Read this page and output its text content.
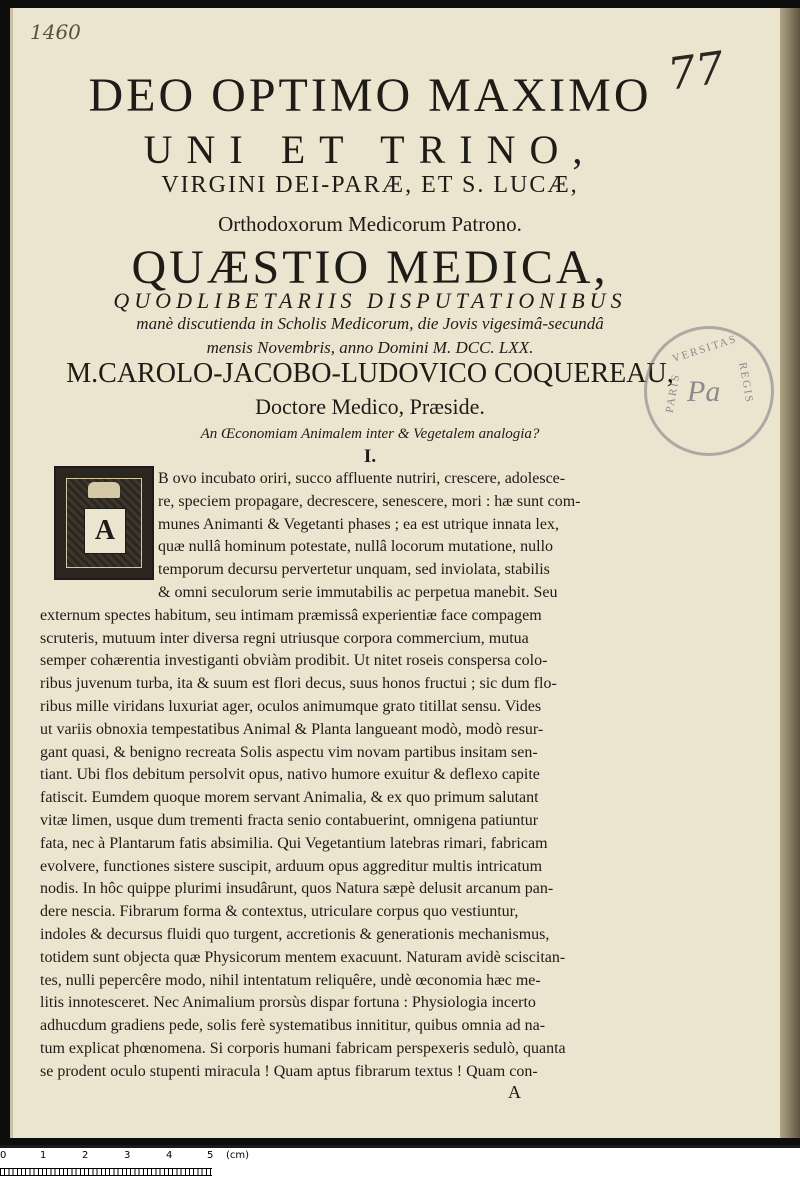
1460
77
DEO OPTIMO MAXIMO
UNI ET TRINO,
VIRGINI DEI-PARÆ, ET S. LUCÆ,
Orthodoxorum Medicorum Patrono.
QUÆSTIO MEDICA,
QUODLIBETARIIS DISPUTATIONIBUS
manè discutienda in Scholis Medicorum, die Jovis vigesimâ-secundâ
mensis Novembris, anno Domini M. DCC. LXX.
M.CAROLO-JACOBO-LUDOVICO COQUEREAU,
Doctore Medico, Præside.
An Œconomiam Animalem inter & Vegetalem analogia?
I.
VERSITAS
REGIS
PARIS Pa
A
B ovo incubato oriri, succo affluente nutriri, crescere, adolesce-
re, speciem propagare, decrescere, senescere, mori : hæ sunt com-
munes Animanti & Vegetanti phases ; ea est utrique innata lex,
quæ nullâ hominum potestate, nullâ locorum mutatione, nullo
temporum decursu pervertetur unquam, sed inviolata, stabilis
& omni seculorum serie immutabilis ac perpetua manebit. Seu
externum spectes habitum, seu intimam præmissâ experientiæ face compagem
scruteris, mutuum inter diversa regni utriusque corpora commercium, mutua
semper cohærentia investiganti obviàm prodibit. Ut nitet roseis conspersa colo-
ribus juvenum turba, ita & suum est flori decus, suus honos fructui ; sic dum flo-
ribus mille viridans luxuriat ager, oculos animumque grato titillat sensu. Vides
ut variis obnoxia tempestatibus Animal & Planta langueant modò, modò resur-
gant quasi, & benigno recreata Solis aspectu vim novam partibus insitam sen-
tiant. Ubi flos debitum persolvit opus, nativo humore exuitur & deflexo capite
fatiscit. Eumdem quoque morem servant Animalia, & ex quo primum salutant
vitæ limen, usque dum trementi fracta senio contabuerint, omnigena patiuntur
fata, nec à Plantarum fatis absimilia. Qui Vegetantium latebras rimari, fabricam
evolvere, functiones sistere suscipit, arduum opus aggreditur multis intricatum
nodis. In hôc quippe plurimi insudârunt, quos Natura sæpè delusit arcanum pan-
dere nescia. Fibrarum forma & contextus, utriculare corpus quo vestiuntur,
indoles & decursus fluidi quo turgent, accretionis & generationis mechanismus,
totidem sunt objecta quæ Physicorum mentem exacuunt. Naturam avidè sciscitan-
tes, nulli pepercêre modo, nihil intentatum reliquêre, undè œconomia hæc me-
litis innotesceret. Nec Animalium prorsùs dispar fortuna : Physiologia incerto
adhucdum gradiens pede, solis ferè systematibus innititur, quibus omnia ad na-
tum explicat phœnomena. Si corporis humani fabricam perspexeris sedulò, quanta
se prodent oculo stupenti miracula ! Quam aptus fibrarum textus ! Quam con-
A
0	1	2	3	4	5 (cm)
